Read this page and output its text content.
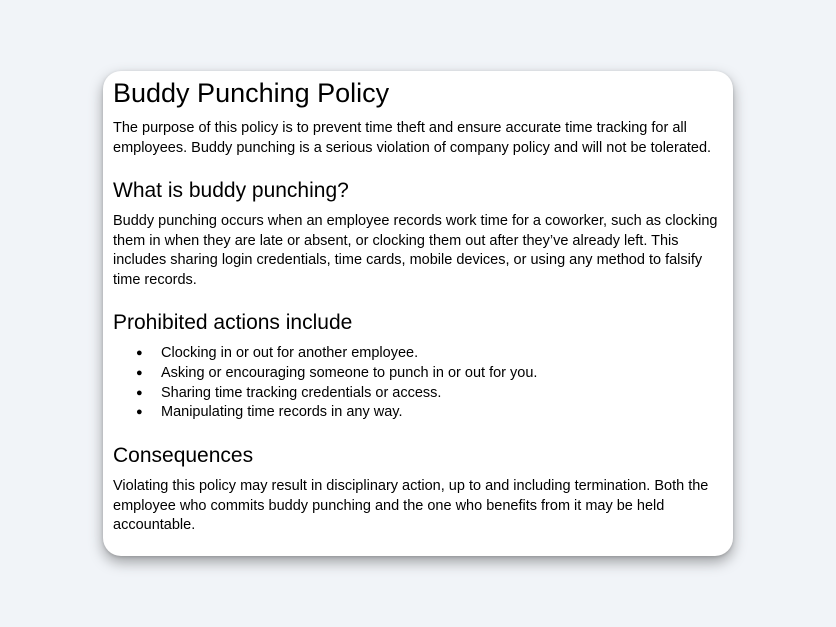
Buddy Punching Policy

The purpose of this policy is to prevent time theft and ensure accurate time tracking for all employees. Buddy punching is a serious violation of company policy and will not be tolerated.

What is buddy punching?

Buddy punching occurs when an employee records work time for a coworker, such as clocking them in when they are late or absent, or clocking them out after they’ve already left. This includes sharing login credentials, time cards, mobile devices, or using any method to falsify time records.

Prohibited actions include
● Clocking in or out for another employee.
● Asking or encouraging someone to punch in or out for you.
● Sharing time tracking credentials or access.
● Manipulating time records in any way.
Consequences

Violating this policy may result in disciplinary action, up to and including termination. Both the employee who commits buddy punching and the one who benefits from it may be held accountable.
